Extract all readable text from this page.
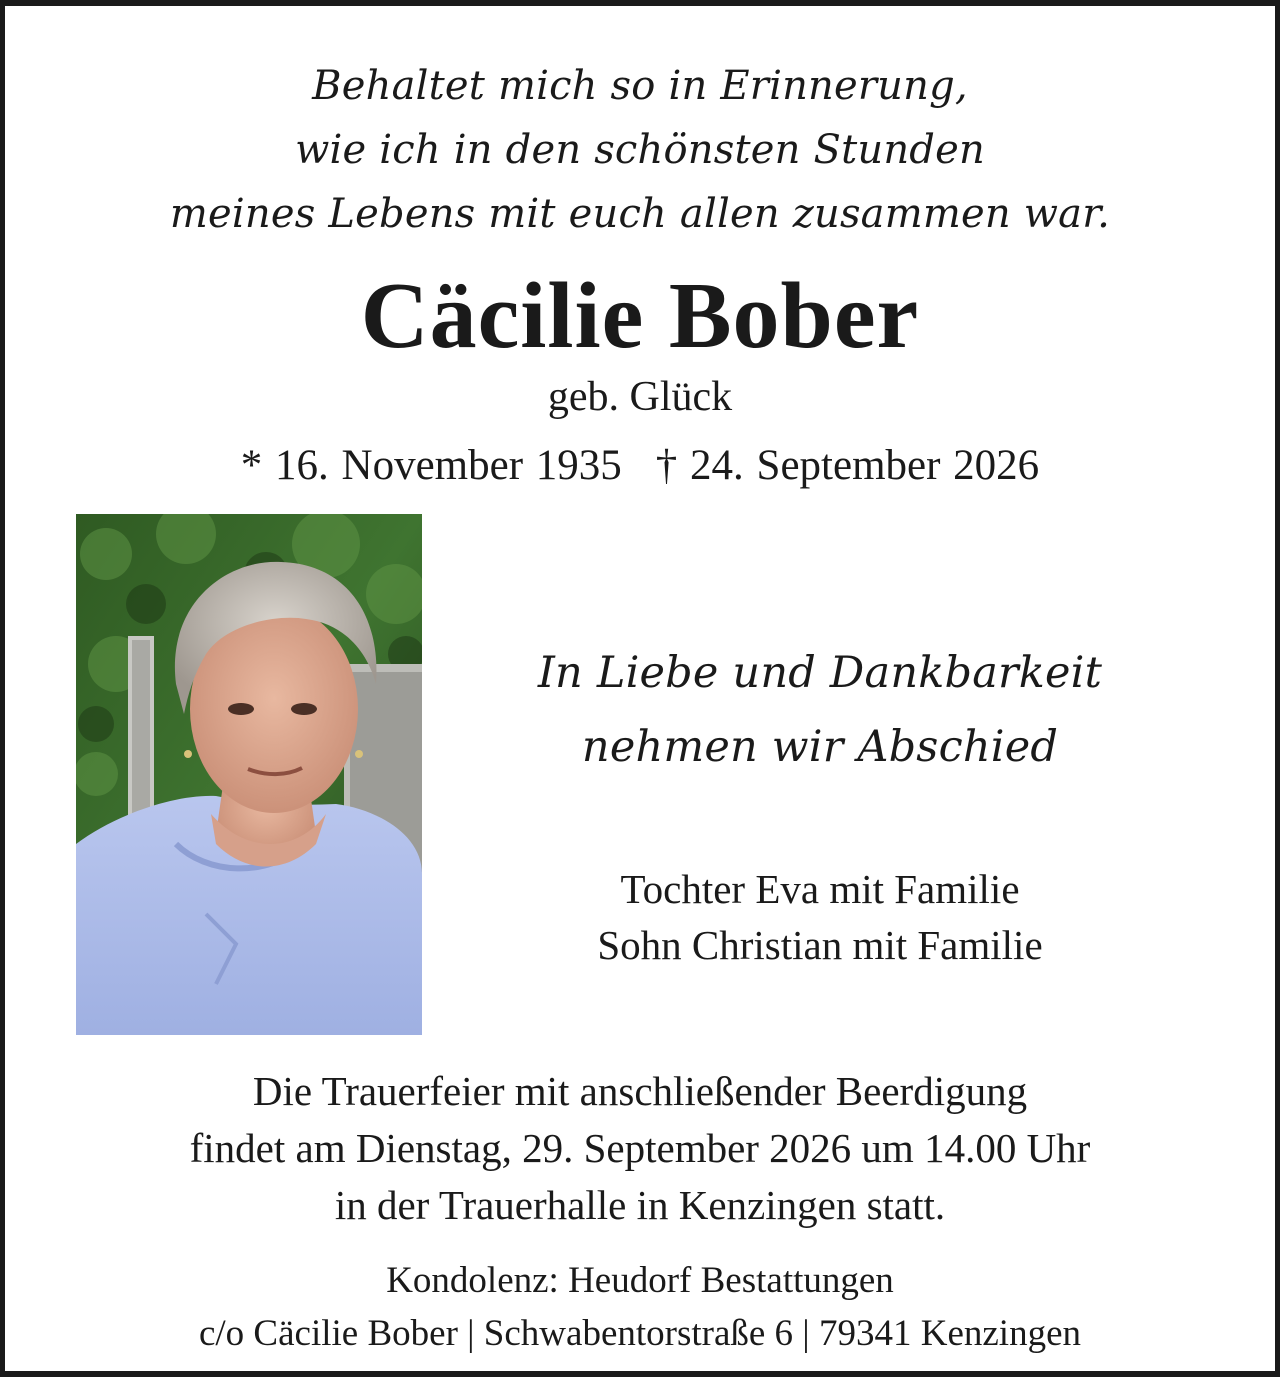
Behaltet mich so in Erinnerung,
wie ich in den schönsten Stunden
meines Lebens mit euch allen zusammen war.
Cäcilie Bober
geb. Glück
* 16. November 1935 † 24. September 2026
In Liebe und Dankbarkeit
nehmen wir Abschied
Tochter Eva mit Familie
Sohn Christian mit Familie
Die Trauerfeier mit anschließender Beerdigung
findet am Dienstag, 29. September 2026 um 14.00 Uhr
in der Trauerhalle in Kenzingen statt.
Kondolenz: Heudorf Bestattungen
c/o Cäcilie Bober | Schwabentorstraße 6 | 79341 Kenzingen
